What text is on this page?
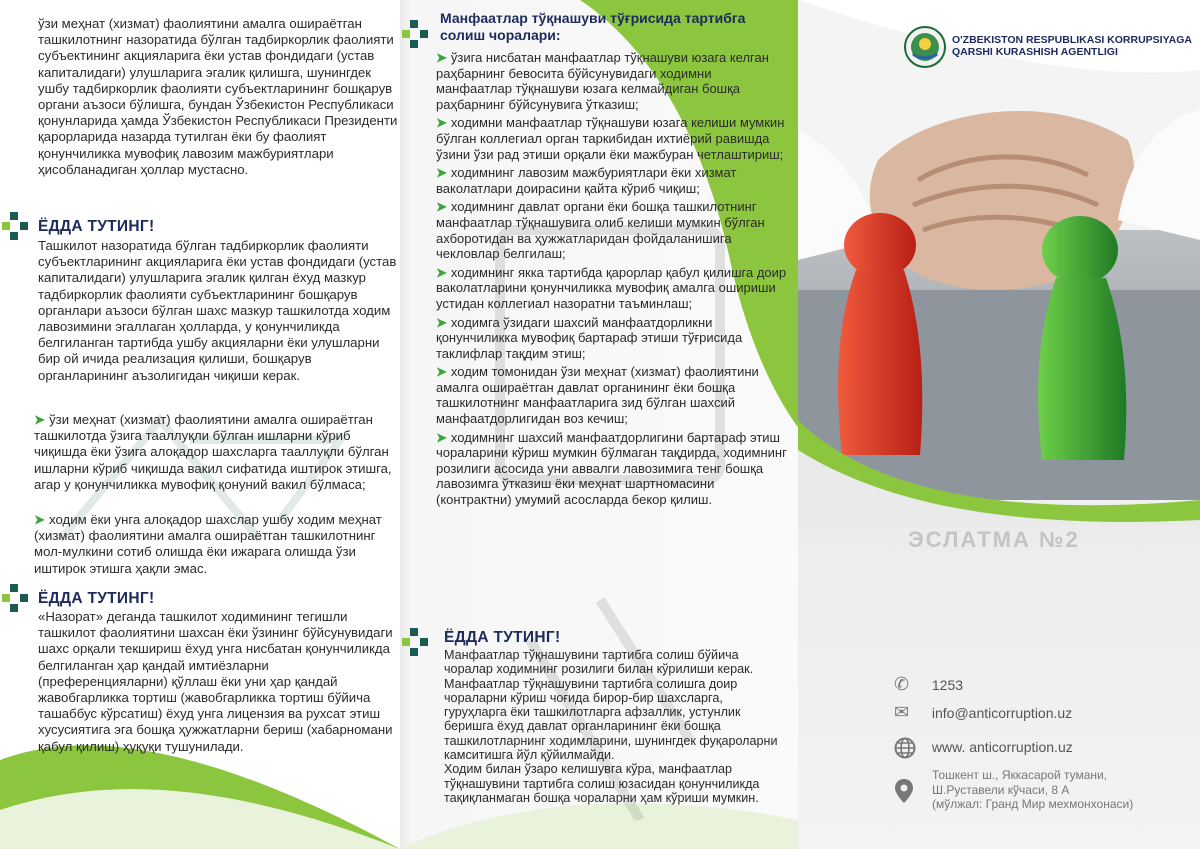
ўзи меҳнат (хизмат) фаолиятини амалга ошираётган ташкилотнинг назоратида бўлган тадбиркорлик фаолияти субъектининг акцияларига ёки устав фондидаги (устав капиталидаги) улушларига эгалик қилишга, шунингдек ушбу тадбиркорлик фаолияти субъектларининг бошқарув органи аъзоси бўлишга, бундан Ўзбекистон Республикаси қонунларида ҳамда Ўзбекистон Республикаси Президенти қарорларида назарда тутилган ёки бу фаолият қонунчиликка мувофиқ лавозим мажбуриятлари ҳисобланадиган ҳоллар мустасно.
ЁДДА ТУТИНГ!
Ташкилот назоратида бўлган тадбиркорлик фаолияти субъектларининг акцияларига ёки устав фондидаги (устав капиталидаги) улушларига эгалик қилган ёхуд мазкур тадбиркорлик фаолияти субъектларининг бошқарув органлари аъзоси бўлган шахс мазкур ташкилотда ходим лавозимини эгаллаган ҳолларда, у қонунчиликда белгиланган тартибда ушбу акцияларни ёки улушларни бир ой ичида реализация қилиши, бошқарув органларининг аъзолигидан чиқиши керак.
➤ ўзи меҳнат (хизмат) фаолиятини амалга ошираётган ташкилотда ўзига тааллуқли бўлган ишларни кўриб чиқишда ёки ўзига алоқадор шахсларга тааллуқли бўлган ишларни кўриб чиқишда вакил сифатида иштирок этишга, агар у қонунчиликка мувофиқ қонуний вакил бўлмаса;
➤ ходим ёки унга алоқадор шахслар ушбу ходим меҳнат (хизмат) фаолиятини амалга ошираётган ташкилотнинг мол-мулкини сотиб олишда ёки ижарага олишда ўзи иштирок этишга ҳақли эмас.
ЁДДА ТУТИНГ!
«Назорат» деганда ташкилот ходимининг тегишли ташкилот фаолиятини шахсан ёки ўзининг бўйсунувидаги шахс орқали текшириш ёхуд унга нисбатан қонунчиликда белгиланган ҳар қандай имтиёзларни (преференцияларни) қўллаш ёки уни ҳар қандай жавобгарликка тортиш (жавобгарликка тортиш бўйича ташаббус кўрсатиш) ёхуд унга лицензия ва рухсат этиш хусусиятига эга бошқа ҳужжатларни бериш (хабарномани қабул қилиш) ҳуқуқи тушунилади.
Манфаатлар тўқнашуви тўғрисида тартибга солиш чоралари:
➤ ўзига нисбатан манфаатлар тўқнашуви юзага келган раҳбарнинг бевосита бўйсунувидаги ходимни манфаатлар тўқнашуви юзага келмайдиган бошқа раҳбарнинг бўйсунувига ўтказиш;
➤ ходимни манфаатлар тўқнашуви юзага келиши мумкин бўлган коллегиал орган таркибидан ихтиёрий равишда ўзини ўзи рад этиши орқали ёки мажбуран четлаштириш;
➤ ходимнинг лавозим мажбуриятлари ёки хизмат ваколатлари доирасини қайта кўриб чиқиш;
➤ ходимнинг давлат органи ёки бошқа ташкилотнинг манфаатлар тўқнашувига олиб келиши мумкин бўлган ахборотидан ва ҳужжатларидан фойдаланишига чекловлар белгилаш;
➤ ходимнинг якка тартибда қарорлар қабул қилишга доир ваколатларини қонунчиликка мувофиқ амалга ошириши устидан коллегиал назоратни таъминлаш;
➤ ходимга ўзидаги шахсий манфаатдорликни қонунчиликка мувофиқ бартараф этиши тўғрисида таклифлар тақдим этиш;
➤ ходим томонидан ўзи меҳнат (хизмат) фаолиятини амалга ошираётган давлат органининг ёки бошқа ташкилотнинг манфаатларига зид бўлган шахсий манфаатдорлигидан воз кечиш;
➤ ходимнинг шахсий манфаатдорлигини бартараф этиш чораларини кўриш мумкин бўлмаган тақдирда, ходимнинг розилиги асосида уни аввалги лавозимига тенг бошқа лавозимга ўтказиш ёки меҳнат шартномасини (контрактни) умумий асосларда бекор қилиш.
ЁДДА ТУТИНГ!
Манфаатлар тўқнашувини тартибга солиш бўйича чоралар ходимнинг розилиги билан кўрилиши керак.
Манфаатлар тўқнашувини тартибга солишга доир чораларни кўриш чоғида бирор-бир шахсларга, гуруҳларга ёки ташкилотларга афзаллик, устунлик беришга ёхуд давлат органларининг ёки бошқа ташкилотларнинг ходимларини, шунингдек фуқароларни камситишга йўл қўйилмайди.
Ходим билан ўзаро келишувга кўра, манфаатлар тўқнашувини тартибга солиш юзасидан қонунчиликда тақиқланмаган бошқа чораларни ҳам кўриши мумкин.
O'ZBEKISTON RESPUBLIKASI KORRUPSIYAGA
QARSHI KURASHISH AGENTLIGI
ЭСЛАТМА №2
✆ 1253
✉ info@anticorruption.uz
www. anticorruption.uz
Тошкент ш., Яккасарой тумани,
Ш.Руставели кўчаси, 8 А
(мўлжал: Гранд Мир мехмонхонаси)
